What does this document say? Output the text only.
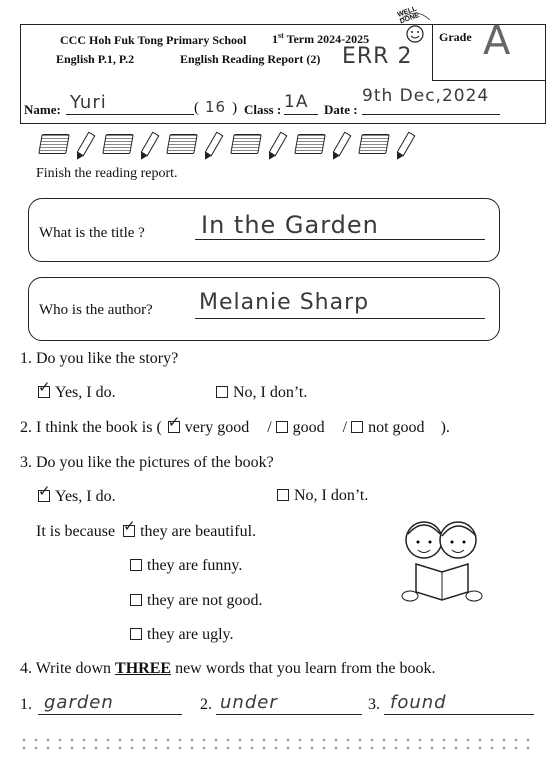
Grade A
WELL DONE
CCC Hoh Fuk Tong Primary School 1st Term 2024-2025
English P.1, P.2	English Reading Report (2) ERR 2
Name: Yuri	( 16 ) Class : 1A	Date :
9th Dec,2024
Finish the reading report.
What is the title ? In the Garden
Who is the author? Melanie Sharp
1. Do you like the story?
✓Yes, I do.	No, I don’t.
2. I think the book is ( ✓ very good / good / not good ).
3. Do you like the pictures of the book?
✓Yes, I do.	No, I don’t.
It is because ✓ they are beautiful.
they are funny.
they are not good.
they are ugly.
4. Write down THREE new words that you learn from the book.
1. garden	2. under	3. found
